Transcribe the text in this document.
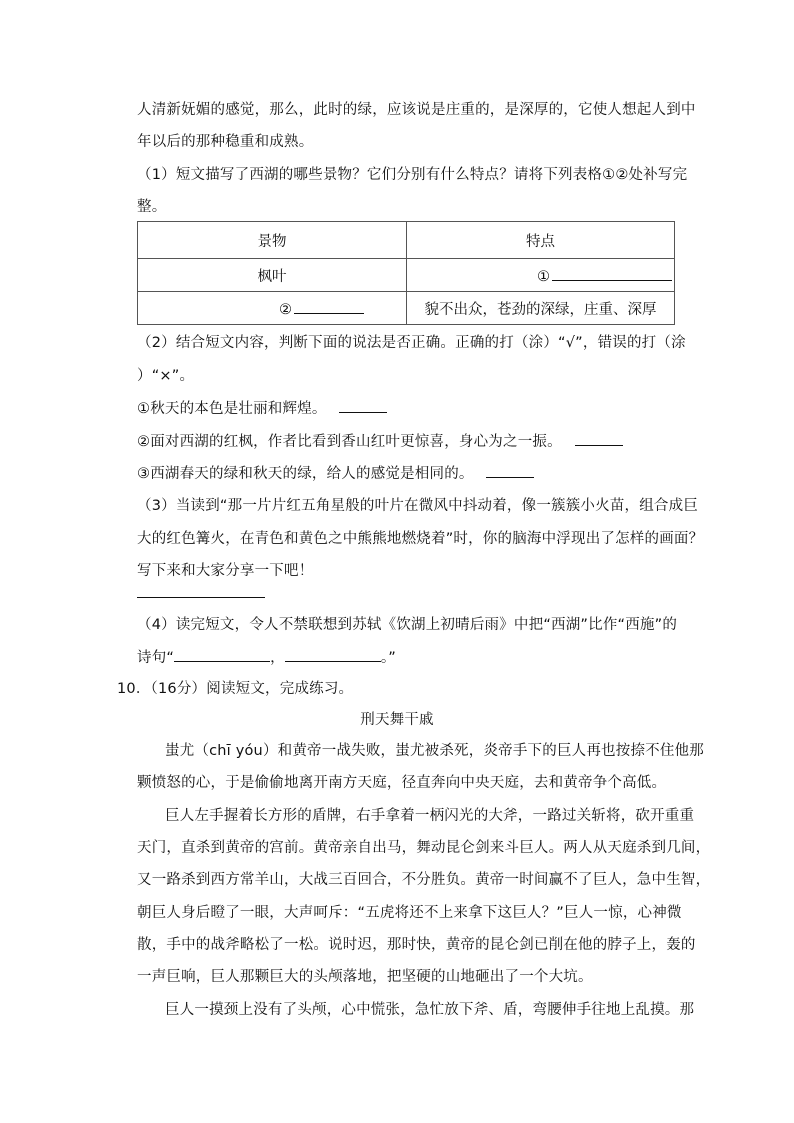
人清新妩媚的感觉，那么，此时的绿，应该说是庄重的，是深厚的，它使人想起人到中
年以后的那种稳重和成熟。
（1）短文描写了西湖的哪些景物？它们分别有什么特点？请将下列表格①②处补写完
整。
景物	特点
枫叶	①
②	貌不出众，苍劲的深绿，庄重、深厚
（2）结合短文内容，判断下面的说法是否正确。正确的打（涂）“√”，错误的打（涂
）“×”。
①秋天的本色是壮丽和辉煌。
②面对西湖的红枫，作者比看到香山红叶更惊喜，身心为之一振。
③西湖春天的绿和秋天的绿，给人的感觉是相同的。
（3）当读到“那一片片红五角星般的叶片在微风中抖动着，像一簇簇小火苗，组合成巨
大的红色篝火，在青色和黄色之中熊熊地燃烧着”时，你的脑海中浮现出了怎样的画面？
写下来和大家分享一下吧！
（4）读完短文，令人不禁联想到苏轼《饮湖上初晴后雨》中把“西湖”比作“西施”的
诗句“	，	。”
10．（16分）阅读短文，完成练习。
刑天舞干戚
蚩尤（chī yóu）和黄帝一战失败，蚩尤被杀死，炎帝手下的巨人再也按捺不住他那
颗愤怒的心，于是偷偷地离开南方天庭，径直奔向中央天庭，去和黄帝争个高低。
巨人左手握着长方形的盾牌，右手拿着一柄闪光的大斧，一路过关斩将，砍开重重
天门，直杀到黄帝的宫前。黄帝亲自出马，舞动昆仑剑来斗巨人。两人从天庭杀到几间，
又一路杀到西方常羊山，大战三百回合，不分胜负。黄帝一时间赢不了巨人，急中生智，
朝巨人身后瞪了一眼，大声呵斥：“五虎将还不上来拿下这巨人？”巨人一惊，心神微
散，手中的战斧略松了一松。说时迟，那时快，黄帝的昆仑剑已削在他的脖子上，轰的
一声巨响，巨人那颗巨大的头颅落地，把坚硬的山地砸出了一个大坑。
巨人一摸颈上没有了头颅，心中慌张，急忙放下斧、盾，弯腰伸手往地上乱摸。那
